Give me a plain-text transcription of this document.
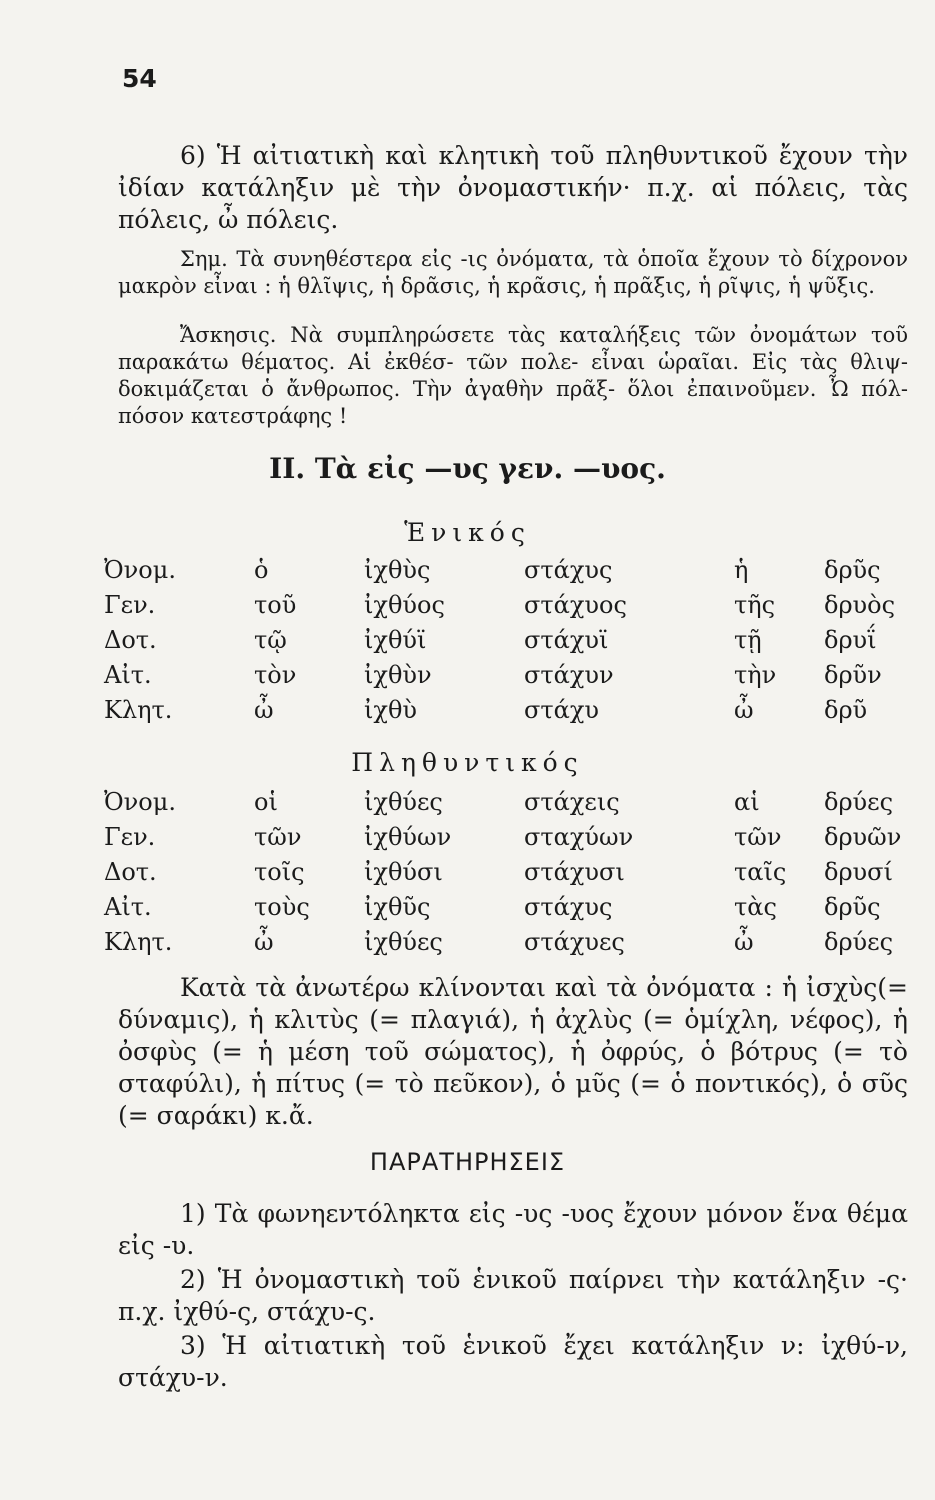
54

6) Ἡ αἰτιατικὴ καὶ κλητικὴ τοῦ πληθυντικοῦ ἔχουν τὴν ἰδίαν κατάληξιν μὲ τὴν ὀνομαστικήν· π.χ. αἱ πόλεις, τὰς πόλεις, ὦ πόλεις.

Σημ. Τὰ συνηθέστερα εἰς -ις ὀνόματα, τὰ ὁποῖα ἔχουν τὸ δίχρονον μακρὸν εἶναι : ἡ θλῖψις, ἡ δρᾶσις, ἡ κρᾶσις, ἡ πρᾶξις, ἡ ρῖψις, ἡ ψῦξις.

Ἄσκησις. Νὰ συμπληρώσετε τὰς καταλήξεις τῶν ὀνομάτων τοῦ παρακάτω θέματος. Αἱ ἐκθέσ- τῶν πολε- εἶναι ὡραῖαι. Εἰς τὰς θλιψ- δοκιμάζεται ὁ ἄνθρωπος. Τὴν ἀγαθὴν πρᾶξ- ὅλοι ἐπαινοῦμεν. Ὦ πόλ- πόσον κατεστράφης !

ΙΙ. Τὰ εἰς —υς γεν. —υος.
Ἑνικός
Ὀνομ.	ὁ	ἰχθὺς	στάχυς	ἡ	δρῦς
Γεν.	τοῦ	ἰχθύος	στάχυος	τῆς	δρυὸς
Δοτ.	τῷ	ἰχθύϊ	στάχυϊ	τῇ	δρυΐ
Αἰτ.	τὸν	ἰχθὺν	στάχυν	τὴν	δρῦν
Κλητ.	ὦ	ἰχθὺ	στάχυ	ὦ	δρῦ
Πληθυντικός
Ὀνομ.	οἱ	ἰχθύες	στάχεις	αἱ	δρύες
Γεν.	τῶν	ἰχθύων	σταχύων	τῶν	δρυῶν
Δοτ.	τοῖς	ἰχθύσι	στάχυσι	ταῖς	δρυσί
Αἰτ.	τοὺς	ἰχθῦς	στάχυς	τὰς	δρῦς
Κλητ.	ὦ	ἰχθύες	στάχυες	ὦ	δρύες

Κατὰ τὰ ἀνωτέρω κλίνονται καὶ τὰ ὀνόματα : ἡ ἰσχὺς(= δύναμις), ἡ κλιτὺς (= πλαγιά), ἡ ἀχλὺς (= ὁμίχλη, νέφος), ἡ ὀσφὺς (= ἡ μέση τοῦ σώματος), ἡ ὀφρύς, ὁ βότρυς (= τὸ σταφύλι), ἡ πίτυς (= τὸ πεῦκον), ὁ μῦς (= ὁ ποντικός), ὁ σῦς (= σαράκι) κ.ἄ.

ΠΑΡΑΤΗΡΗΣΕΙΣ

1) Τὰ φωνηεντόληκτα εἰς -υς -υος ἔχουν μόνον ἕνα θέμα εἰς -υ.

2) Ἡ ὀνομαστικὴ τοῦ ἑνικοῦ παίρνει τὴν κατάληξιν -ς· π.χ. ἰχθύ-ς, στάχυ-ς.

3) Ἡ αἰτιατικὴ τοῦ ἑνικοῦ ἔχει κατάληξιν ν: ἰχθύ-ν, στάχυ-ν.
